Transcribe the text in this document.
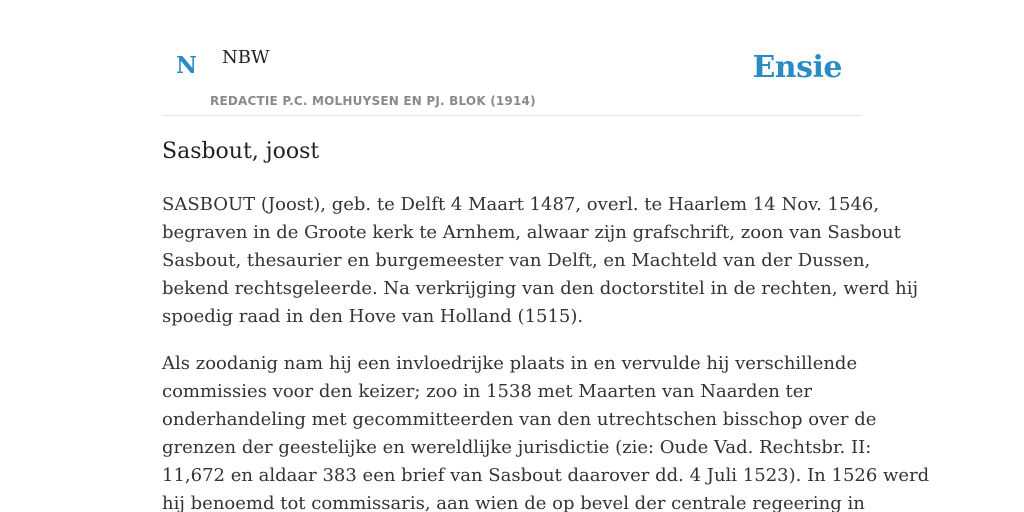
N NBW
REDACTIE P.C. MOLHUYSEN EN PJ. BLOK (1914)
Ensie
Sasbout, joost

SASBOUT (Joost), geb. te Delft 4 Maart 1487, overl. te Haarlem 14 Nov. 1546,
begraven in de Groote kerk te Arnhem, alwaar zijn grafschrift, zoon van Sasbout
Sasbout, thesaurier en burgemeester van Delft, en Machteld van der Dussen,
bekend rechtsgeleerde. Na verkrijging van den doctorstitel in de rechten, werd hij
spoedig raad in den Hove van Holland (1515).

Als zoodanig nam hij een invloedrijke plaats in en vervulde hij verschillende
commissies voor den keizer; zoo in 1538 met Maarten van Naarden ter
onderhandeling met gecommitteerden van den utrechtschen bisschop over de
grenzen der geestelijke en wereldlijke jurisdictie (zie: Oude Vad. Rechtsbr. II:
11,672 en aldaar 383 een brief van Sasbout daarover dd. 4 Juli 1523). In 1526 werd
hij benoemd tot commissaris, aan wien de op bevel der centrale regeering in
